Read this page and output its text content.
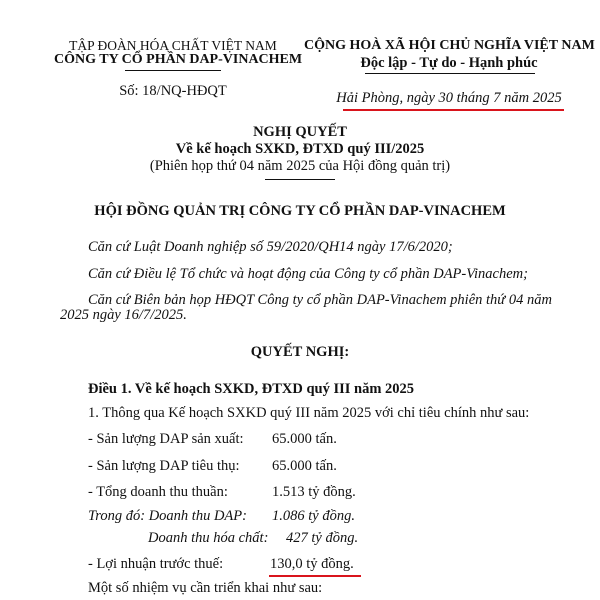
TẬP ĐOÀN HÓA CHẤT VIỆT NAM
CÔNG TY CỔ PHẦN DAP-VINACHEM
Số: 18/NQ-HĐQT
CỘNG HOÀ XÃ HỘI CHỦ NGHĨA VIỆT NAM
Độc lập - Tự do - Hạnh phúc
Hải Phòng, ngày 30 tháng 7 năm 2025
NGHỊ QUYẾT
Về kế hoạch SXKD, ĐTXD quý III/2025
(Phiên họp thứ 04 năm 2025 của Hội đồng quản trị)
HỘI ĐỒNG QUẢN TRỊ CÔNG TY CỔ PHẦN DAP-VINACHEM
Căn cứ Luật Doanh nghiệp số 59/2020/QH14 ngày 17/6/2020;
Căn cứ Điều lệ Tổ chức và hoạt động của Công ty cổ phần DAP-Vinachem;
Căn cứ Biên bản họp HĐQT Công ty cổ phần DAP-Vinachem phiên thứ 04 năm
2025 ngày 16/7/2025.
QUYẾT NGHỊ:
Điều 1. Về kế hoạch SXKD, ĐTXD quý III năm 2025
1. Thông qua Kế hoạch SXKD quý III năm 2025 với chỉ tiêu chính như sau:
- Sản lượng DAP sản xuất: 65.000 tấn.
- Sản lượng DAP tiêu thụ: 65.000 tấn.
- Tổng doanh thu thuần:	1.513 tỷ đồng.
Trong đó: Doanh thu DAP: 1.086 tỷ đồng.
Doanh thu hóa chất: 427 tỷ đồng.
- Lợi nhuận trước thuế:	130,0 tỷ đồng.
Một số nhiệm vụ cần triển khai như sau:
